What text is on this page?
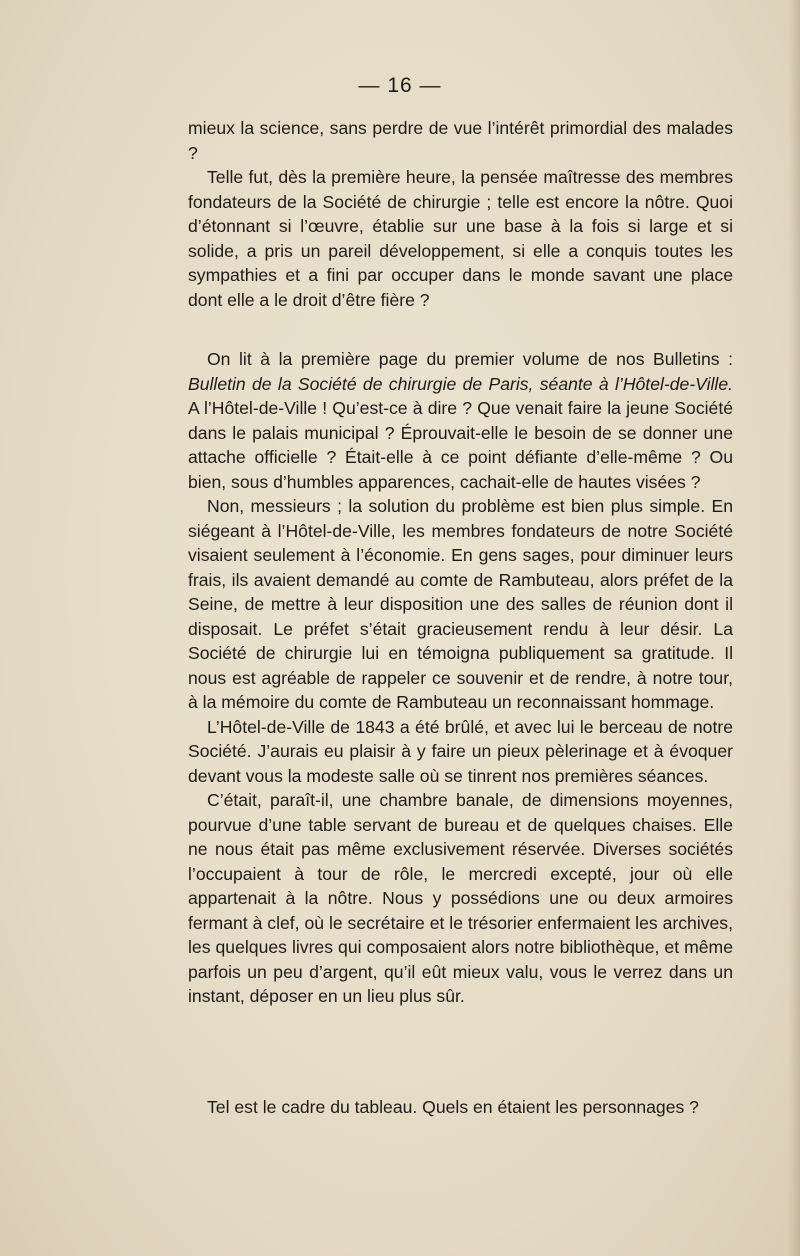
— 16 —

mieux la science, sans perdre de vue l’intérêt primordial des malades ?

Telle fut, dès la première heure, la pensée maîtresse des membres fondateurs de la Société de chirurgie ; telle est encore la nôtre. Quoi d’étonnant si l’œuvre, établie sur une base à la fois si large et si solide, a pris un pareil développement, si elle a conquis toutes les sympathies et a fini par occuper dans le monde savant une place dont elle a le droit d’être fière ?

On lit à la première page du premier volume de nos Bulletins : Bulletin de la Société de chirurgie de Paris, séante à l’Hôtel-de-Ville. A l’Hôtel-de-Ville ! Qu’est-ce à dire ? Que venait faire la jeune Société dans le palais municipal ? Éprouvait-elle le besoin de se donner une attache officielle ? Était-elle à ce point défiante d’elle-même ? Ou bien, sous d’humbles apparences, cachait-elle de hautes visées ?

Non, messieurs ; la solution du problème est bien plus simple. En siégeant à l’Hôtel-de-Ville, les membres fondateurs de notre Société visaient seulement à l’économie. En gens sages, pour diminuer leurs frais, ils avaient demandé au comte de Rambuteau, alors préfet de la Seine, de mettre à leur disposition une des salles de réunion dont il disposait. Le préfet s’était gracieusement rendu à leur désir. La Société de chirurgie lui en témoigna publiquement sa gratitude. Il nous est agréable de rappeler ce souvenir et de rendre, à notre tour, à la mémoire du comte de Rambuteau un reconnaissant hommage.

L’Hôtel-de-Ville de 1843 a été brûlé, et avec lui le berceau de notre Société. J’aurais eu plaisir à y faire un pieux pèlerinage et à évoquer devant vous la modeste salle où se tinrent nos premières séances.

C’était, paraît-il, une chambre banale, de dimensions moyennes, pourvue d’une table servant de bureau et de quelques chaises. Elle ne nous était pas même exclusivement réservée. Diverses sociétés l’occupaient à tour de rôle, le mercredi excepté, jour où elle appartenait à la nôtre. Nous y possédions une ou deux armoires fermant à clef, où le secrétaire et le trésorier enfermaient les archives, les quelques livres qui composaient alors notre bibliothèque, et même parfois un peu d’argent, qu’il eût mieux valu, vous le verrez dans un instant, déposer en un lieu plus sûr.

Tel est le cadre du tableau. Quels en étaient les personnages ?
